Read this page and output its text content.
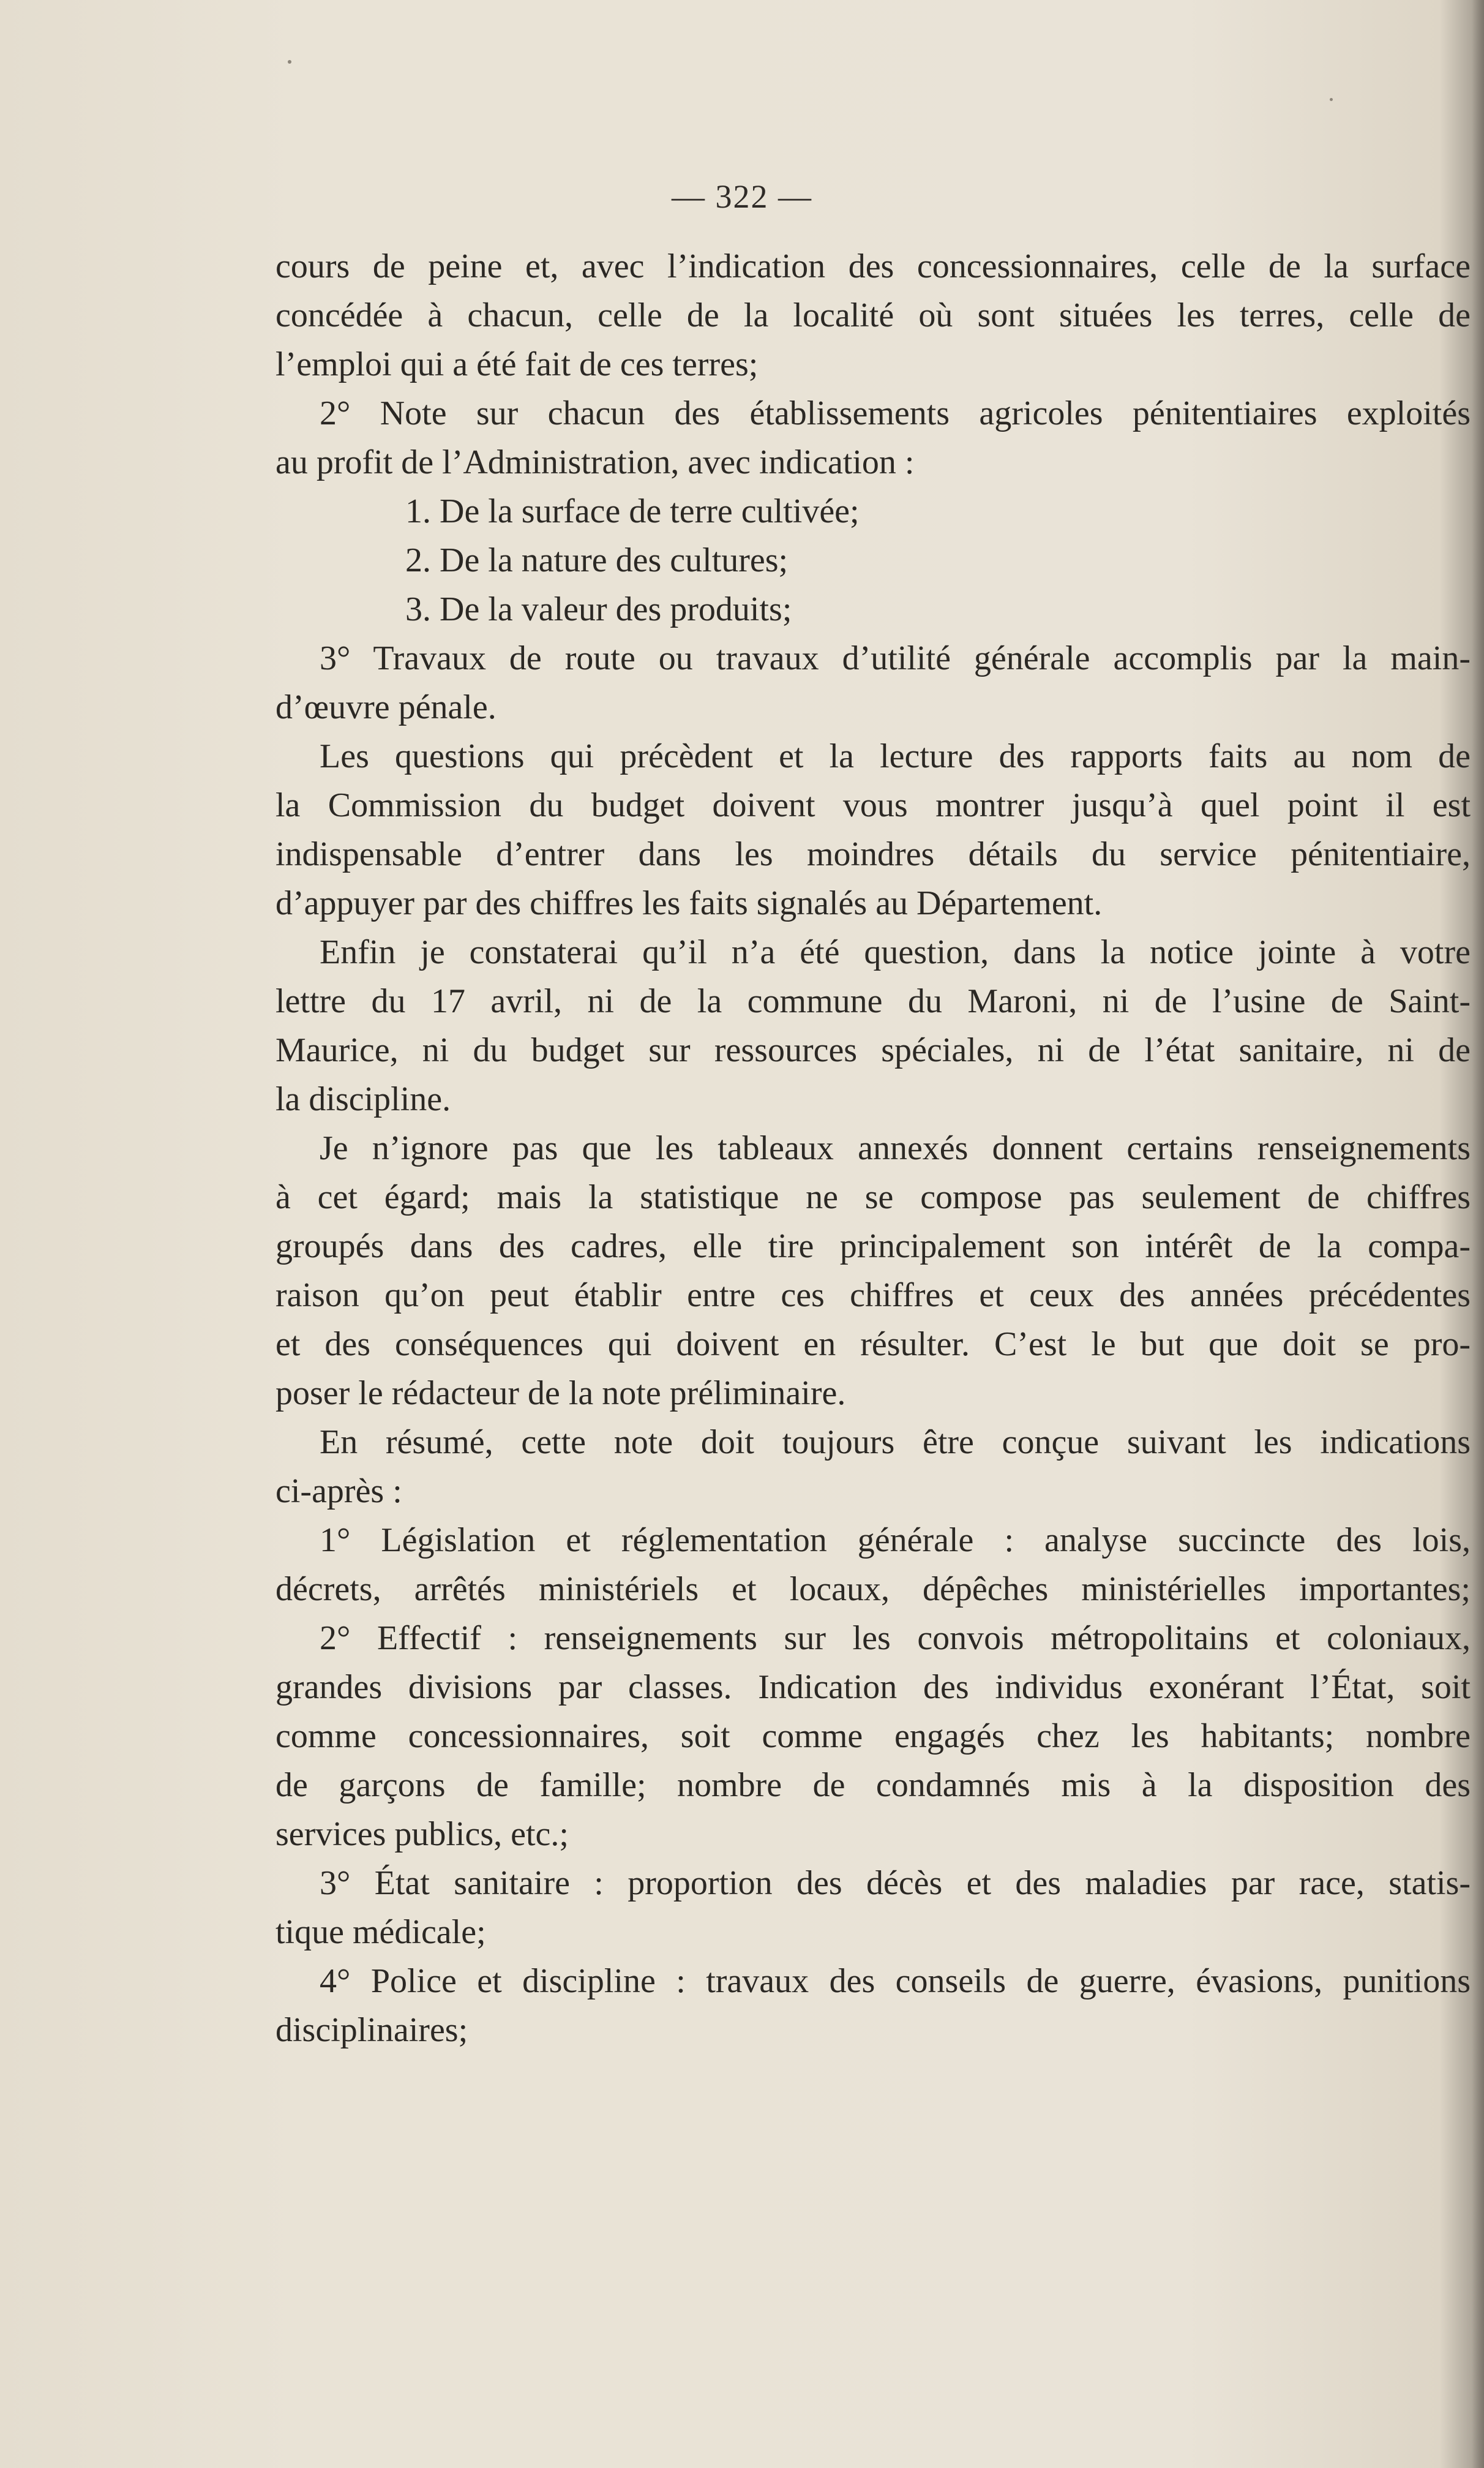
— 322 —
cours de peine et, avec l’indication des concessionnaires, celle de la surface
concédée à chacun, celle de la localité où sont situées les terres, celle de
l’emploi qui a été fait de ces terres;
2° Note sur chacun des établissements agricoles pénitentiaires exploités
au profit de l’Administration, avec indication :
1. De la surface de terre cultivée;
2. De la nature des cultures;
3. De la valeur des produits;
3° Travaux de route ou travaux d’utilité générale accomplis par la main-
d’œuvre pénale.
Les questions qui précèdent et la lecture des rapports faits au nom de
la Commission du budget doivent vous montrer jusqu’à quel point il est
indispensable d’entrer dans les moindres détails du service pénitentiaire,
d’appuyer par des chiffres les faits signalés au Département.
Enfin je constaterai qu’il n’a été question, dans la notice jointe à votre
lettre du 17 avril, ni de la commune du Maroni, ni de l’usine de Saint-
Maurice, ni du budget sur ressources spéciales, ni de l’état sanitaire, ni de
la discipline.
Je n’ignore pas que les tableaux annexés donnent certains renseignements
à cet égard; mais la statistique ne se compose pas seulement de chiffres
groupés dans des cadres, elle tire principalement son intérêt de la compa-
raison qu’on peut établir entre ces chiffres et ceux des années précédentes
et des conséquences qui doivent en résulter. C’est le but que doit se pro-
poser le rédacteur de la note préliminaire.
En résumé, cette note doit toujours être conçue suivant les indications
ci-après :
1° Législation et réglementation générale : analyse succincte des lois,
décrets, arrêtés ministériels et locaux, dépêches ministérielles importantes;
2° Effectif : renseignements sur les convois métropolitains et coloniaux,
grandes divisions par classes. Indication des individus exonérant l’État, soit
comme concessionnaires, soit comme engagés chez les habitants; nombre
de garçons de famille; nombre de condamnés mis à la disposition des
services publics, etc.;
3° État sanitaire : proportion des décès et des maladies par race, statis-
tique médicale;
4° Police et discipline : travaux des conseils de guerre, évasions, punitions
disciplinaires;
